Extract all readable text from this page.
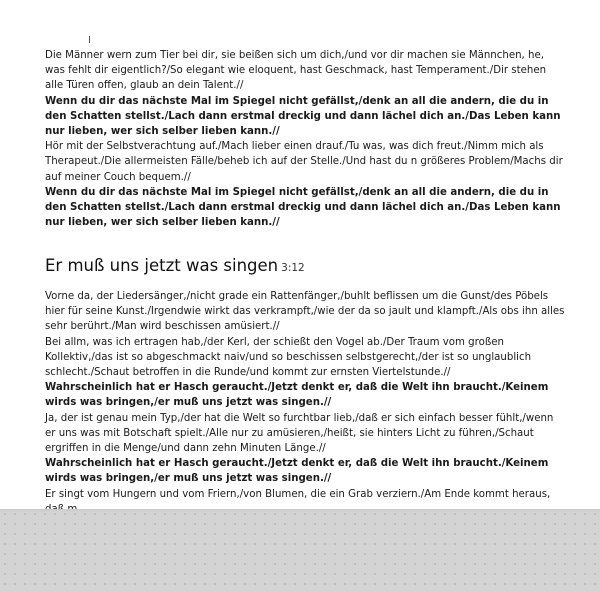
Die Männer wern zum Tier bei dir, sie beißen sich um dich,/und vor dir machen sie Männchen, he, was fehlt dir eigentlich?/So elegant wie eloquent, hast Geschmack, hast Temperament./Dir stehen alle Türen offen, glaub an dein Talent.//

Wenn du dir das nächste Mal im Spiegel nicht gefällst,/denk an all die andern, die du in den Schatten stellst./Lach dann erstmal dreckig und dann lächel dich an./Das Leben kann nur lieben, wer sich selber lieben kann.//

Hör mit der Selbstverachtung auf./Mach lieber einen drauf./Tu was, was dich freut./Nimm mich als Therapeut./Die allermeisten Fälle/beheb ich auf der Stelle./Und hast du n größeres Problem/Machs dir auf meiner Couch bequem.//

Wenn du dir das nächste Mal im Spiegel nicht gefällst,/denk an all die andern, die du in den Schatten stellst./Lach dann erstmal dreckig und dann lächel dich an./Das Leben kann nur lieben, wer sich selber lieben kann.//

Er muß uns jetzt was singen 3:12

Vorne da, der Liedersänger,/nicht grade ein Rattenfänger,/buhlt beflissen um die Gunst/des Pöbels hier für seine Kunst./Irgendwie wirkt das verkrampft,/wie der da so jault und klampft./Als obs ihn alles sehr berührt./Man wird beschissen amüsiert.//

Bei allm, was ich ertragen hab,/der Kerl, der schießt den Vogel ab./Der Traum vom großen Kollektiv,/das ist so abgeschmackt naiv/und so beschissen selbstgerecht,/der ist so unglaublich schlecht./Schaut betroffen in die Runde/und kommt zur ernsten Viertelstunde.//

Wahrscheinlich hat er Hasch geraucht./Jetzt denkt er, daß die Welt ihn braucht./Keinem wirds was bringen,/er muß uns jetzt was singen.//

Ja, der ist genau mein Typ,/der hat die Welt so furchtbar lieb,/daß er sich einfach besser fühlt,/wenn er uns was mit Botschaft spielt./Alle nur zu amüsieren,/heißt, sie hinters Licht zu führen,/Schaut ergriffen in die Menge/und dann zehn Minuten Länge.//

Wahrscheinlich hat er Hasch geraucht./Jetzt denkt er, daß die Welt ihn braucht./Keinem wirds was bringen,/er muß uns jetzt was singen.//

Er singt vom Hungern und vom Friern,/von Blumen, die ein Grab verziern./Am Ende kommt heraus,
